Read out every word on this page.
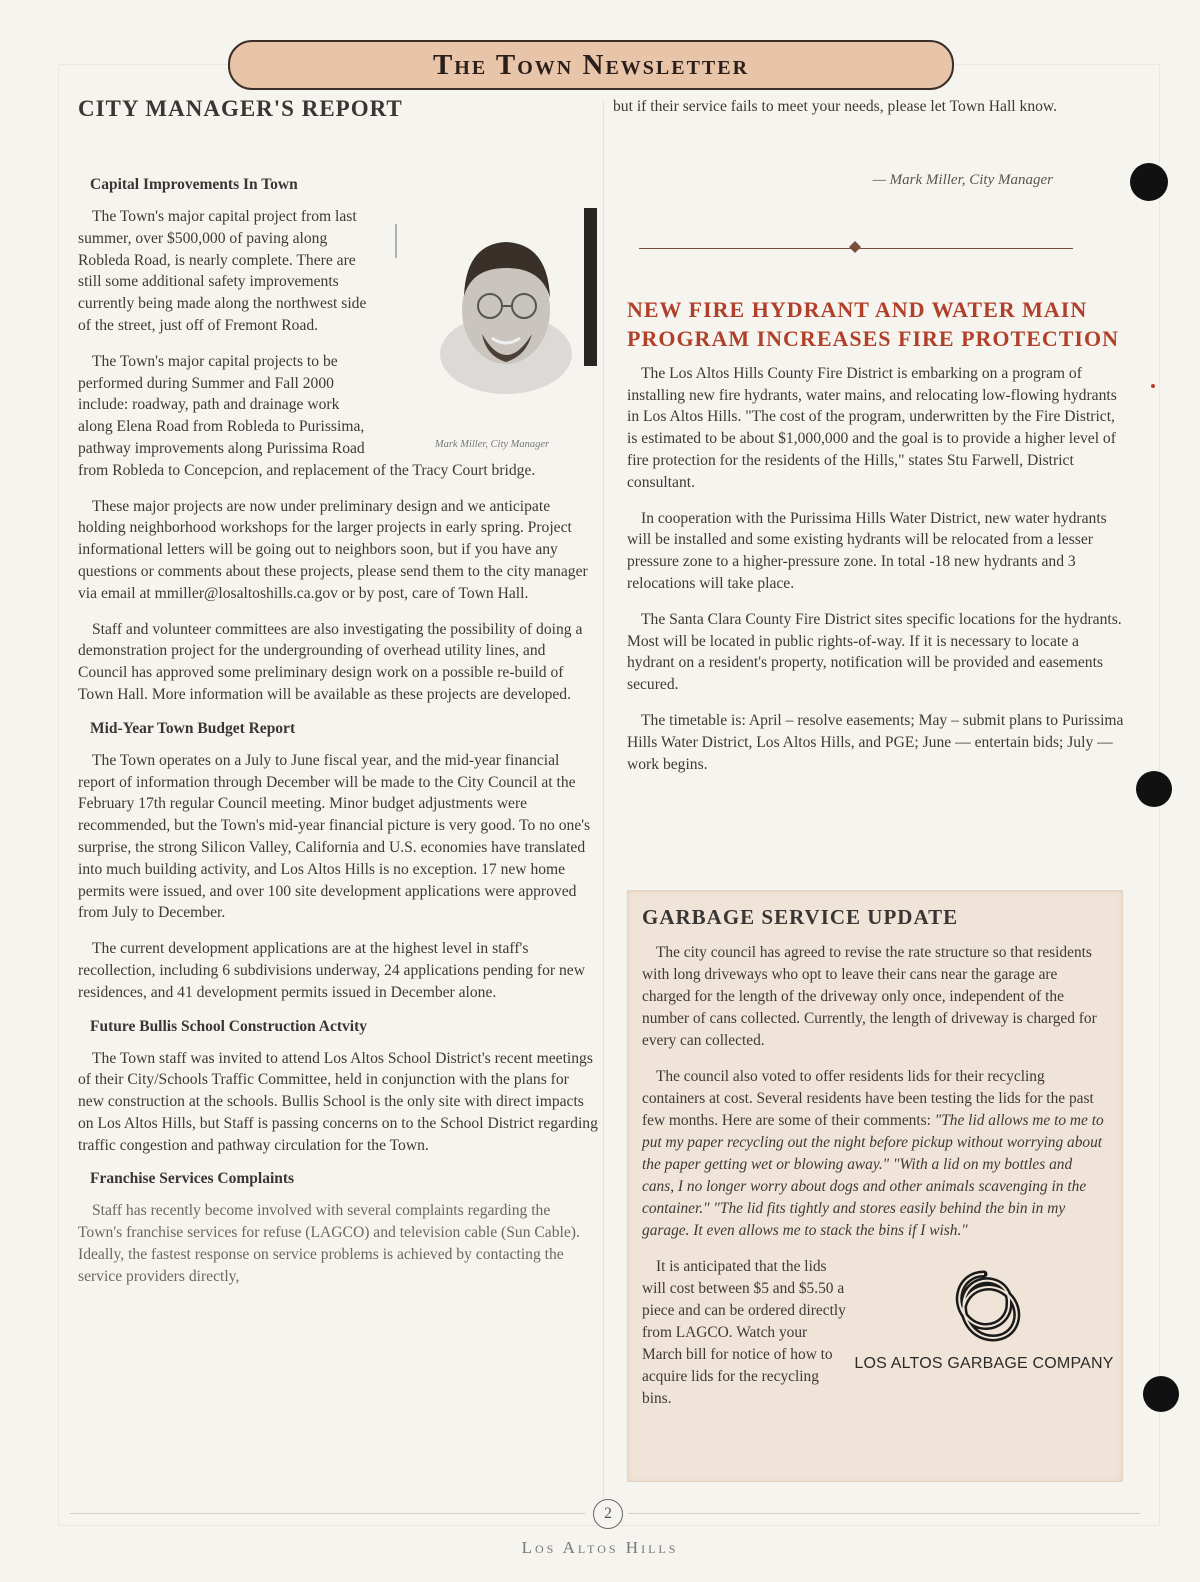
The Town Newsletter
CITY MANAGER'S REPORT
Capital Improvements In Town
Mark Miller, City Manager

The Town's major capital project from last summer, over $500,000 of paving along Robleda Road, is nearly complete. There are still some additional safety improvements currently being made along the northwest side of the street, just off of Fremont Road.

The Town's major capital projects to be performed during Summer and Fall 2000 include: roadway, path and drainage work along Elena Road from Robleda to Purissima, pathway improvements along Purissima Road from Robleda to Concepcion, and replacement of the Tracy Court bridge.

These major projects are now under preliminary design and we anticipate holding neighborhood workshops for the larger projects in early spring. Project informational letters will be going out to neighbors soon, but if you have any questions or comments about these projects, please send them to the city manager via email at mmiller@losaltoshills.ca.gov or by post, care of Town Hall.

Staff and volunteer committees are also investigating the possibility of doing a demonstration project for the undergrounding of overhead utility lines, and Council has approved some preliminary design work on a possible re-build of Town Hall. More information will be available as these projects are developed.

Mid-Year Town Budget Report

The Town operates on a July to June fiscal year, and the mid-year financial report of information through December will be made to the City Council at the February 17th regular Council meeting. Minor budget adjustments were recommended, but the Town's mid-year financial picture is very good. To no one's surprise, the strong Silicon Valley, California and U.S. economies have translated into much building activity, and Los Altos Hills is no exception. 17 new home permits were issued, and over 100 site development applications were approved from July to December.

The current development applications are at the highest level in staff's recollection, including 6 subdivisions underway, 24 applications pending for new residences, and 41 development permits issued in December alone.

Future Bullis School Construction Actvity

The Town staff was invited to attend Los Altos School District's recent meetings of their City/Schools Traffic Committee, held in conjunction with the plans for new construction at the schools. Bullis School is the only site with direct impacts on Los Altos Hills, but Staff is passing concerns on to the School District regarding traffic congestion and pathway circulation for the Town.

Franchise Services Complaints

Staff has recently become involved with several complaints regarding the Town's franchise services for refuse (LAGCO) and television cable (Sun Cable). Ideally, the fastest response on service problems is achieved by contacting the service providers directly,

but if their service fails to meet your needs, please let Town Hall know.

— Mark Miller, City Manager
NEW FIRE HYDRANT AND WATER MAIN
PROGRAM INCREASES FIRE PROTECTION

The Los Altos Hills County Fire District is embarking on a program of installing new fire hydrants, water mains, and relocating low-flowing hydrants in Los Altos Hills. "The cost of the program, underwritten by the Fire District, is estimated to be about $1,000,000 and the goal is to provide a higher level of fire protection for the residents of the Hills," states Stu Farwell, District consultant.

In cooperation with the Purissima Hills Water District, new water hydrants will be installed and some existing hydrants will be relocated from a lesser pressure zone to a higher-pressure zone. In total -18 new hydrants and 3 relocations will take place.

The Santa Clara County Fire District sites specific locations for the hydrants. Most will be located in public rights-of-way. If it is necessary to locate a hydrant on a resident's property, notification will be provided and easements secured.

The timetable is: April – resolve easements; May – submit plans to Purissima Hills Water District, Los Altos Hills, and PGE; June — entertain bids; July —work begins.

GARBAGE SERVICE UPDATE

The city council has agreed to revise the rate structure so that residents with long driveways who opt to leave their cans near the garage are charged for the length of the driveway only once, independent of the number of cans collected. Currently, the length of driveway is charged for every can collected.

The council also voted to offer residents lids for their recycling containers at cost. Several residents have been testing the lids for the past few months. Here are some of their comments: "The lid allows me to me to put my paper recycling out the night before pickup without worrying about the paper getting wet or blowing away." "With a lid on my bottles and cans, I no longer worry about dogs and other animals scavenging in the container." "The lid fits tightly and stores easily behind the bin in my garage. It even allows me to stack the bins if I wish."

LOS ALTOS GARBAGE COMPANY

It is anticipated that the lids will cost between $5 and $5.50 a piece and can be ordered directly from LAGCO. Watch your March bill for notice of how to acquire lids for the recycling bins.

2
Los Altos Hills
